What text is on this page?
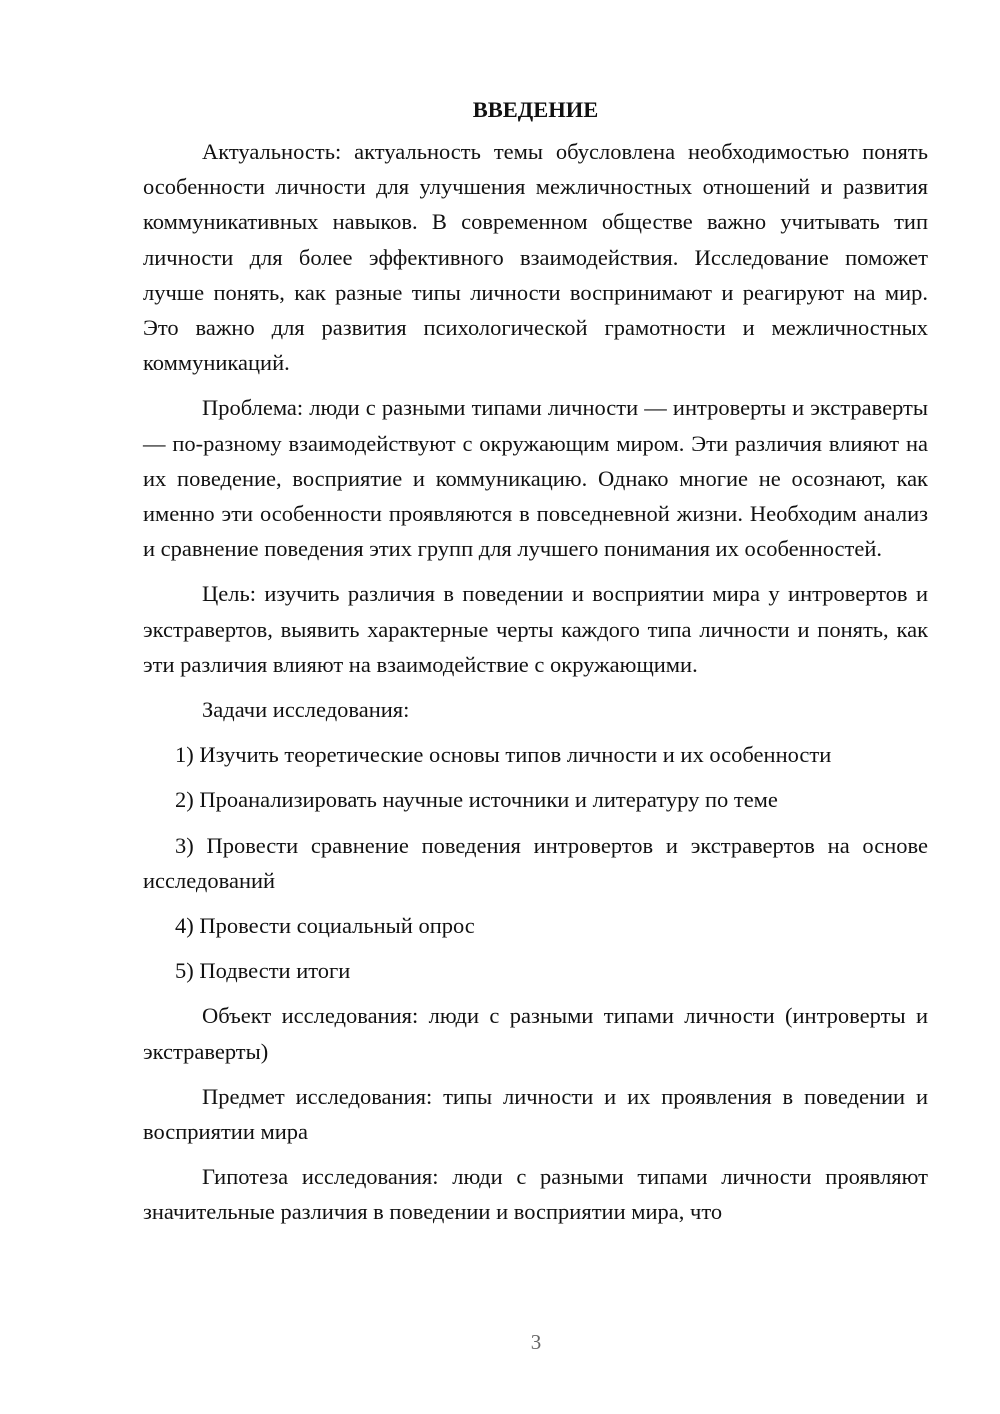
ВВЕДЕНИЕ

Актуальность: актуальность темы обусловлена необходимостью понять особенности личности для улучшения межличностных отношений и развития коммуникативных навыков. В современном обществе важно учитывать тип личности для более эффективного взаимодействия. Исследование поможет лучше понять, как разные типы личности воспринимают и реагируют на мир. Это важно для развития психологической грамотности и межличностных коммуникаций.

Проблема: люди с разными типами личности — интроверты и экстраверты — по-разному взаимодействуют с окружающим миром. Эти различия влияют на их поведение, восприятие и коммуникацию. Однако многие не осознают, как именно эти особенности проявляются в повседневной жизни. Необходим анализ и сравнение поведения этих групп для лучшего понимания их особенностей.

Цель: изучить различия в поведении и восприятии мира у интровертов и экстравертов, выявить характерные черты каждого типа личности и понять, как эти различия влияют на взаимодействие с окружающими.

Задачи исследования:

1) Изучить теоретические основы типов личности и их особенности

2) Проанализировать научные источники и литературу по теме

3) Провести сравнение поведения интровертов и экстравертов на основе исследований

4) Провести социальный опрос

5) Подвести итоги

Объект исследования: люди с разными типами личности (интроверты и экстраверты)

Предмет исследования: типы личности и их проявления в поведении и восприятии мира

Гипотеза исследования: люди с разными типами личности проявляют значительные различия в поведении и восприятии мира, что

3
